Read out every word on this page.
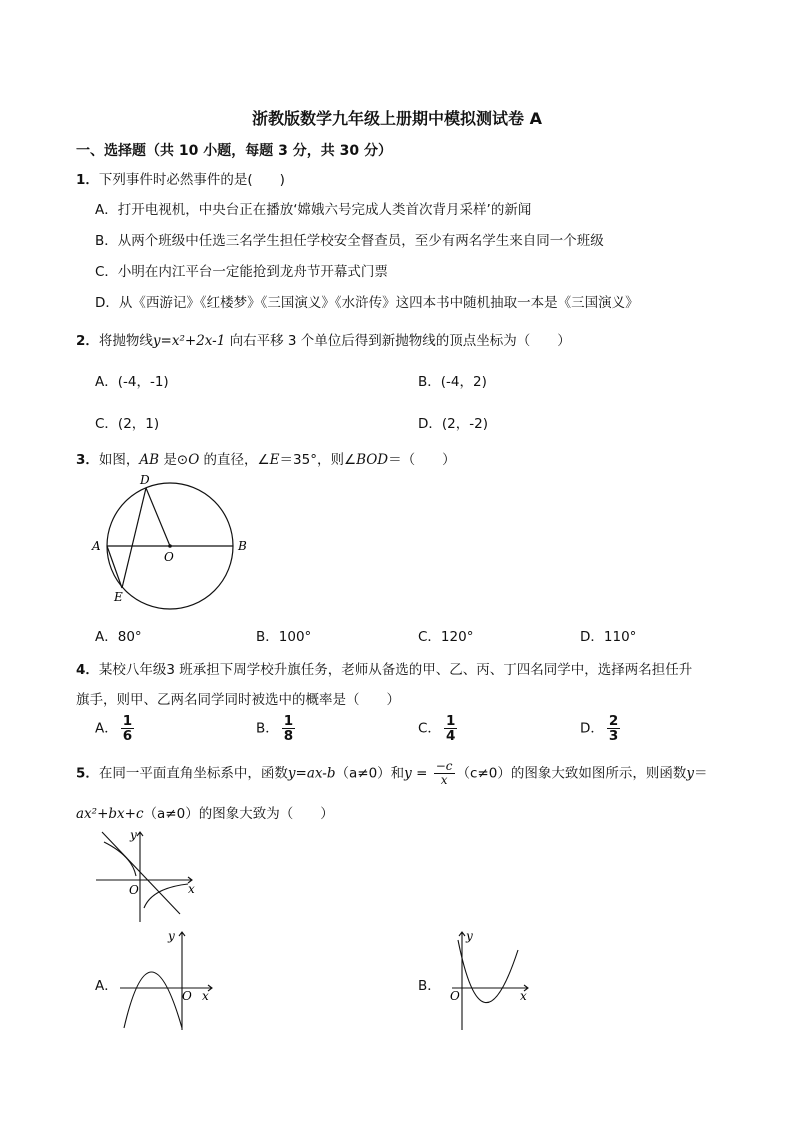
浙教版数学九年级上册期中模拟测试卷 A
一、选择题（共 10 小题，每题 3 分，共 30 分）
1．下列事件时必然事件的是(　　)
A．打开电视机，中央台正在播放‘嫦娥六号完成人类首次背月采样’的新闻
B．从两个班级中任选三名学生担任学校安全督查员，至少有两名学生来自同一个班级
C．小明在内江平台一定能抢到龙舟节开幕式门票
D．从《西游记》《红楼梦》《三国演义》《水浒传》这四本书中随机抽取一本是《三国演义》
2．将抛物线y=x²+2x-1 向右平移 3 个单位后得到新抛物线的顶点坐标为（　　）
A．(-4，-1)	B．(-4，2)
C．(2，1)	D．(2，-2)
3．如图，AB 是⊙O 的直径，∠E＝35°，则∠BOD＝（　　）
A	B
O
D
E
A．80°	B．100°	C．120°	D．110°
4．某校八年级3 班承担下周学校升旗任务，老师从备选的甲、乙、丙、丁四名同学中，选择两名担任升
旗手，则甲、乙两名同学同时被选中的概率是（　　）
A． $\frac{1}{6}$	B． $\frac{1}{8}$	C． $\frac{1}{4}$	D． $\frac{2}{3}$
5．在同一平面直角坐标系中，函数y=ax-b（a≠0）和$y = \frac{-c}{x} (c\ne 0)$的图象大致如图所示，则函数y＝
ax²+bx+c（a≠0）的图象大致为（　　）
y
x
O
A．
y
x
O
B．
y
x
O
